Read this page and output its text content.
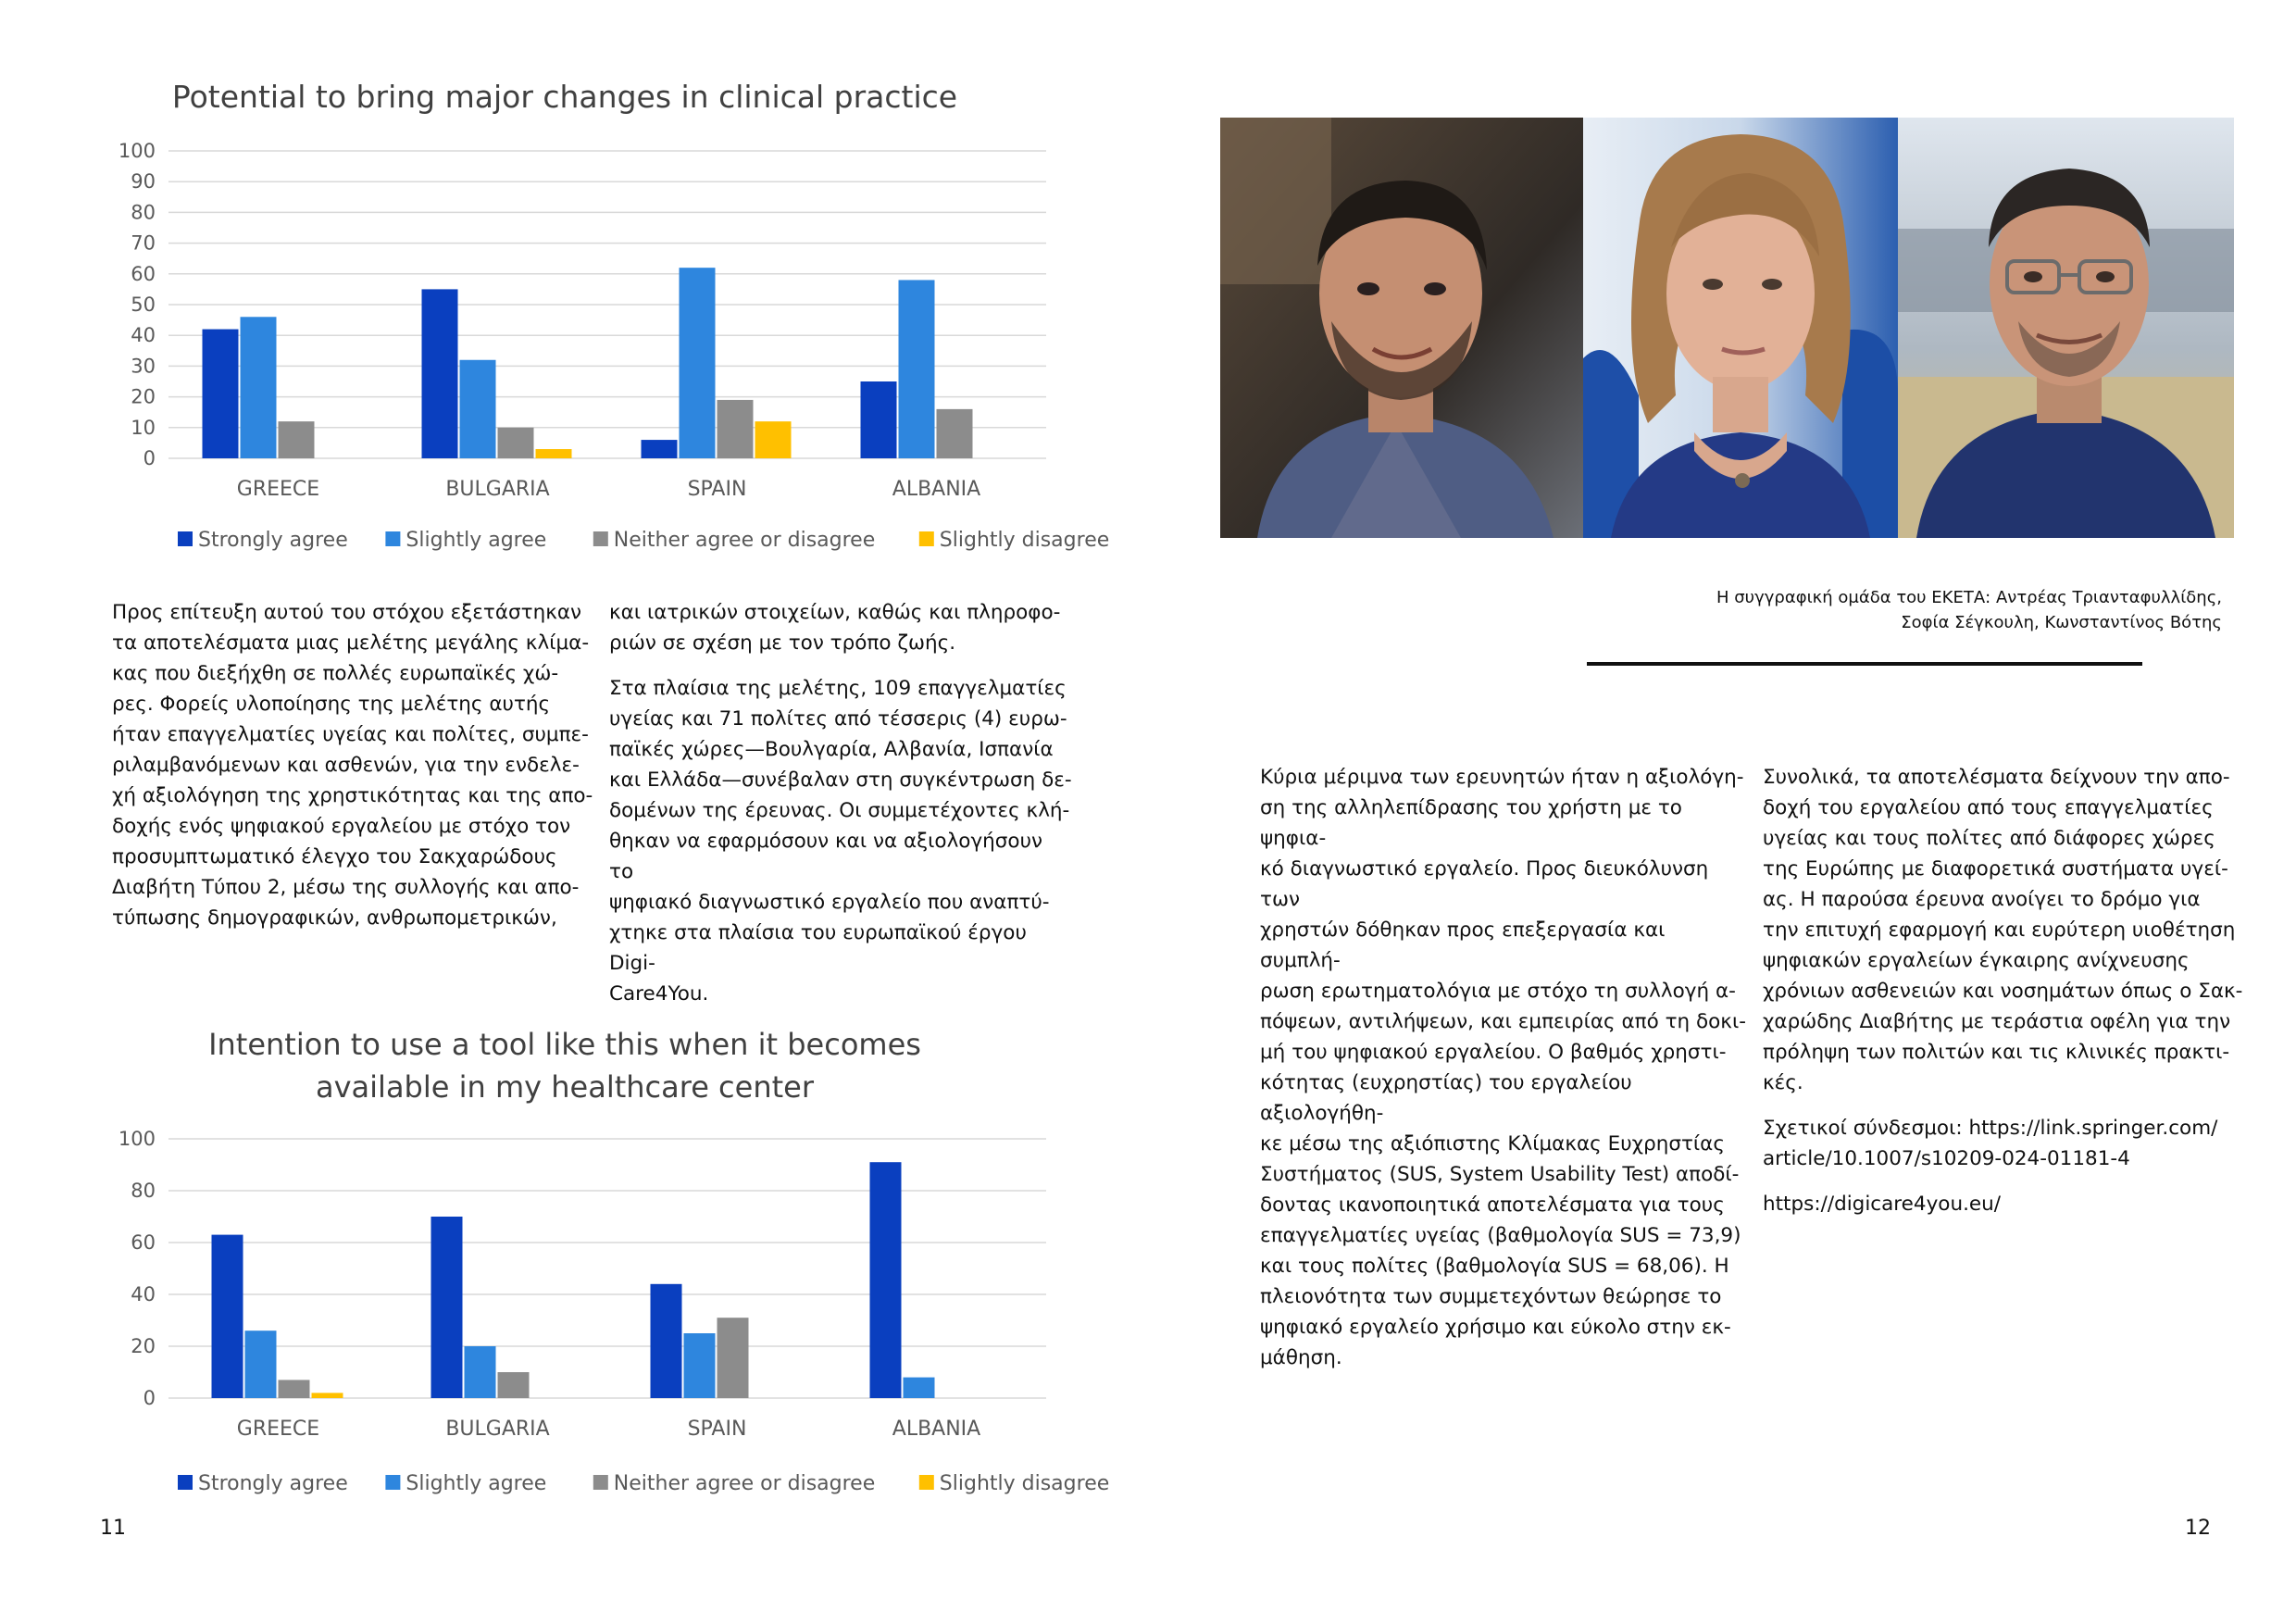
Potential to bring major changes in clinical practice
0
10
20
30
40
50
60
70
80
90
100
GREECE	BULGARIA	SPAIN	ALBANIA
Strongly agree	Slightly agree	Neither agree or disagree	Slightly disagree
Intention to use a tool like this when it becomes
available in my healthcare center
0
20
40
60
80
100
GREECE	BULGARIA	SPAIN	ALBANIA
Strongly agree	Slightly agree	Neither agree or disagree	Slightly disagree

Προς επίτευξη αυτού του στόχου εξετάστηκαν
τα αποτελέσματα μιας μελέτης μεγάλης κλίμα-
κας που διεξήχθη σε πολλές ευρωπαϊκές χώ-
ρες. Φορείς υλοποίησης της μελέτης αυτής
ήταν επαγγελματίες υγείας και πολίτες, συμπε-
ριλαμβανόμενων και ασθενών, για την ενδελε-
χή αξιολόγηση της χρηστικότητας και της απο-
δοχής ενός ψηφιακού εργαλείου με στόχο τον
προσυμπτωματικό έλεγχο του Σακχαρώδους
Διαβήτη Τύπου 2, μέσω της συλλογής και απο-
τύπωσης δημογραφικών, ανθρωπομετρικών,

και ιατρικών στοιχείων, καθώς και πληροφο-
ριών σε σχέση με τον τρόπο ζωής.

Στα πλαίσια της μελέτης, 109 επαγγελματίες
υγείας και 71 πολίτες από τέσσερις (4) ευρω-
παϊκές χώρες—Βουλγαρία, Αλβανία, Ισπανία
και Ελλάδα—συνέβαλαν στη συγκέντρωση δε-
δομένων της έρευνας. Οι συμμετέχοντες κλή-
θηκαν να εφαρμόσουν και να αξιολογήσουν το
ψηφιακό διαγνωστικό εργαλείο που αναπτύ-
χτηκε στα πλαίσια του ευρωπαϊκού έργου Digi-
Care4You.

11
Η συγγραφική ομάδα του ΕΚΕΤΑ: Αντρέας Τριανταφυλλίδης,
Σοφία Σέγκουλη, Κωνσταντίνος Βότης

Κύρια μέριμνα των ερευνητών ήταν η αξιολόγη-
ση της αλληλεπίδρασης του χρήστη με το ψηφια-
κό διαγνωστικό εργαλείο. Προς διευκόλυνση των
χρηστών δόθηκαν προς επεξεργασία και συμπλή-
ρωση ερωτηματολόγια με στόχο τη συλλογή α-
πόψεων, αντιλήψεων, και εμπειρίας από τη δοκι-
μή του ψηφιακού εργαλείου. Ο βαθμός χρηστι-
κότητας (ευχρηστίας) του εργαλείου αξιολογήθη-
κε μέσω της αξιόπιστης Κλίμακας Ευχρηστίας
Συστήματος (SUS, System Usability Test) αποδί-
δοντας ικανοποιητικά αποτελέσματα για τους
επαγγελματίες υγείας (βαθμολογία SUS = 73,9)
και τους πολίτες (βαθμολογία SUS = 68,06). Η
πλειονότητα των συμμετεχόντων θεώρησε το
ψηφιακό εργαλείο χρήσιμο και εύκολο στην εκ-
μάθηση.

Συνολικά, τα αποτελέσματα δείχνουν την απο-
δοχή του εργαλείου από τους επαγγελματίες
υγείας και τους πολίτες από διάφορες χώρες
της Ευρώπης με διαφορετικά συστήματα υγεί-
ας. Η παρούσα έρευνα ανοίγει το δρόμο για
την επιτυχή εφαρμογή και ευρύτερη υιοθέτηση
ψηφιακών εργαλείων έγκαιρης ανίχνευσης
χρόνιων ασθενειών και νοσημάτων όπως ο Σακ-
χαρώδης Διαβήτης με τεράστια οφέλη για την
πρόληψη των πολιτών και τις κλινικές πρακτι-
κές.

Σχετικοί σύνδεσμοι: https://link.springer.com/
article/10.1007/s10209-024-01181-4

https://digicare4you.eu/

12
